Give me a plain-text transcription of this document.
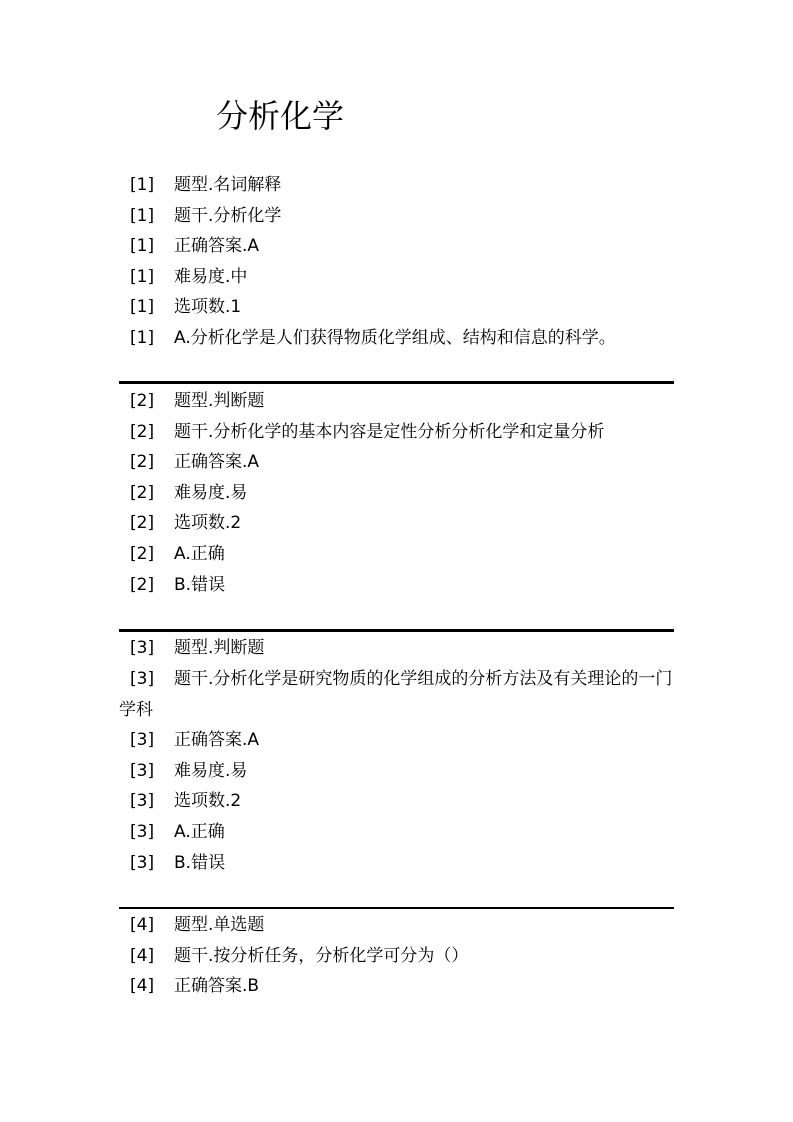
分析化学
[1] 题型.名词解释
[1] 题干.分析化学
[1] 正确答案.A
[1] 难易度.中
[1] 选项数.1
[1] A.分析化学是人们获得物质化学组成、结构和信息的科学。
[2] 题型.判断题
[2] 题干.分析化学的基本内容是定性分析分析化学和定量分析
[2] 正确答案.A
[2] 难易度.易
[2] 选项数.2
[2] A.正确
[2] B.错误
[3] 题型.判断题
[3] 题干.分析化学是研究物质的化学组成的分析方法及有关理论的一门学科
[3] 正确答案.A
[3] 难易度.易
[3] 选项数.2
[3] A.正确
[3] B.错误
[4] 题型.单选题
[4] 题干.按分析任务，分析化学可分为（）
[4] 正确答案.B
